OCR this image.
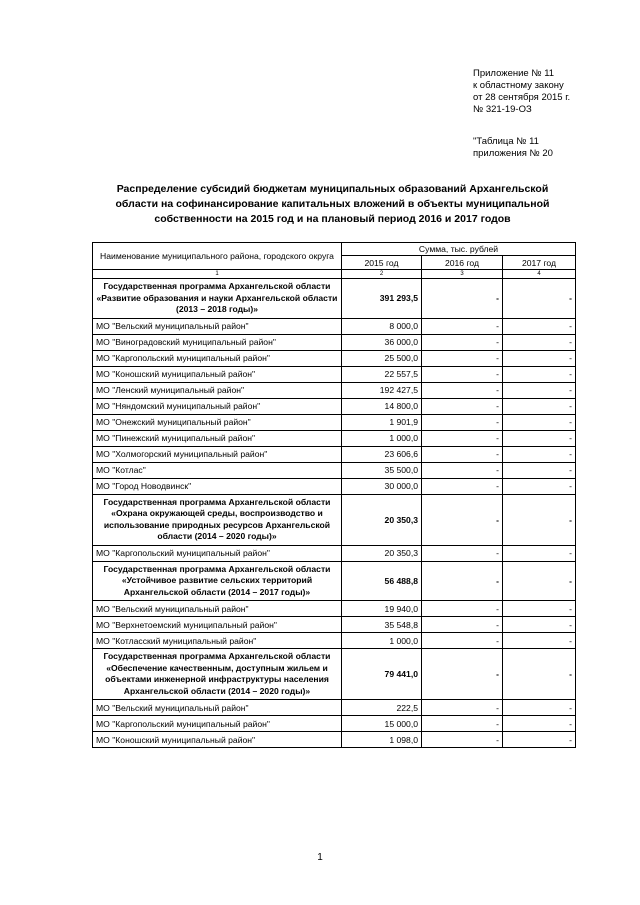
Приложение № 11
к областному закону
от 28 сентября 2015 г.
№ 321-19-ОЗ
"Таблица № 11
приложения № 20
Распределение субсидий бюджетам муниципальных образований Архангельской
области на софинансирование капитальных вложений в объекты муниципальной
собственности на 2015 год и на плановый период 2016 и 2017 годов
Наименование муниципального района, городского округа	Сумма, тыс. рублей		
	2015 год	2016 год	2017 год
1	2	3	4
Государственная программа Архангельской области «Развитие образования и науки Архангельской области (2013 – 2018 годы)»	391 293,5	-	-
МО "Вельский муниципальный район"	8 000,0	-	-
МО "Виноградовский муниципальный район"	36 000,0	-	-
МО "Каргопольский муниципальный район"	25 500,0	-	-
МО "Коношский муниципальный район"	22 557,5	-	-
МО "Ленский муниципальный район"	192 427,5	-	-
МО "Няндомский муниципальный район"	14 800,0	-	-
МО "Онежский муниципальный район"	1 901,9	-	-
МО "Пинежский муниципальный район"	1 000,0	-	-
МО "Холмогорский муниципальный район"	23 606,6	-	-
МО "Котлас"	35 500,0	-	-
МО "Город Новодвинск"	30 000,0	-	-
Государственная программа Архангельской области «Охрана окружающей среды, воспроизводство и использование природных ресурсов Архангельской области (2014 – 2020 годы)»	20 350,3	-	-
МО "Каргопольский муниципальный район"	20 350,3	-	-
Государственная программа Архангельской области «Устойчивое развитие сельских территорий Архангельской области (2014 – 2017 годы)»	56 488,8	-	-
МО "Вельский муниципальный район"	19 940,0	-	-
МО "Верхнетоемский муниципальный район"	35 548,8	-	-
МО "Котласский муниципальный район"	1 000,0	-	-
Государственная программа Архангельской области «Обеспечение качественным, доступным жильем и объектами инженерной инфраструктуры населения Архангельской области (2014 – 2020 годы)»	79 441,0	-	-
МО "Вельский муниципальный район"	222,5	-	-
МО "Каргопольский муниципальный район"	15 000,0	-	-
МО "Коношский муниципальный район"	1 098,0	-	-
1
